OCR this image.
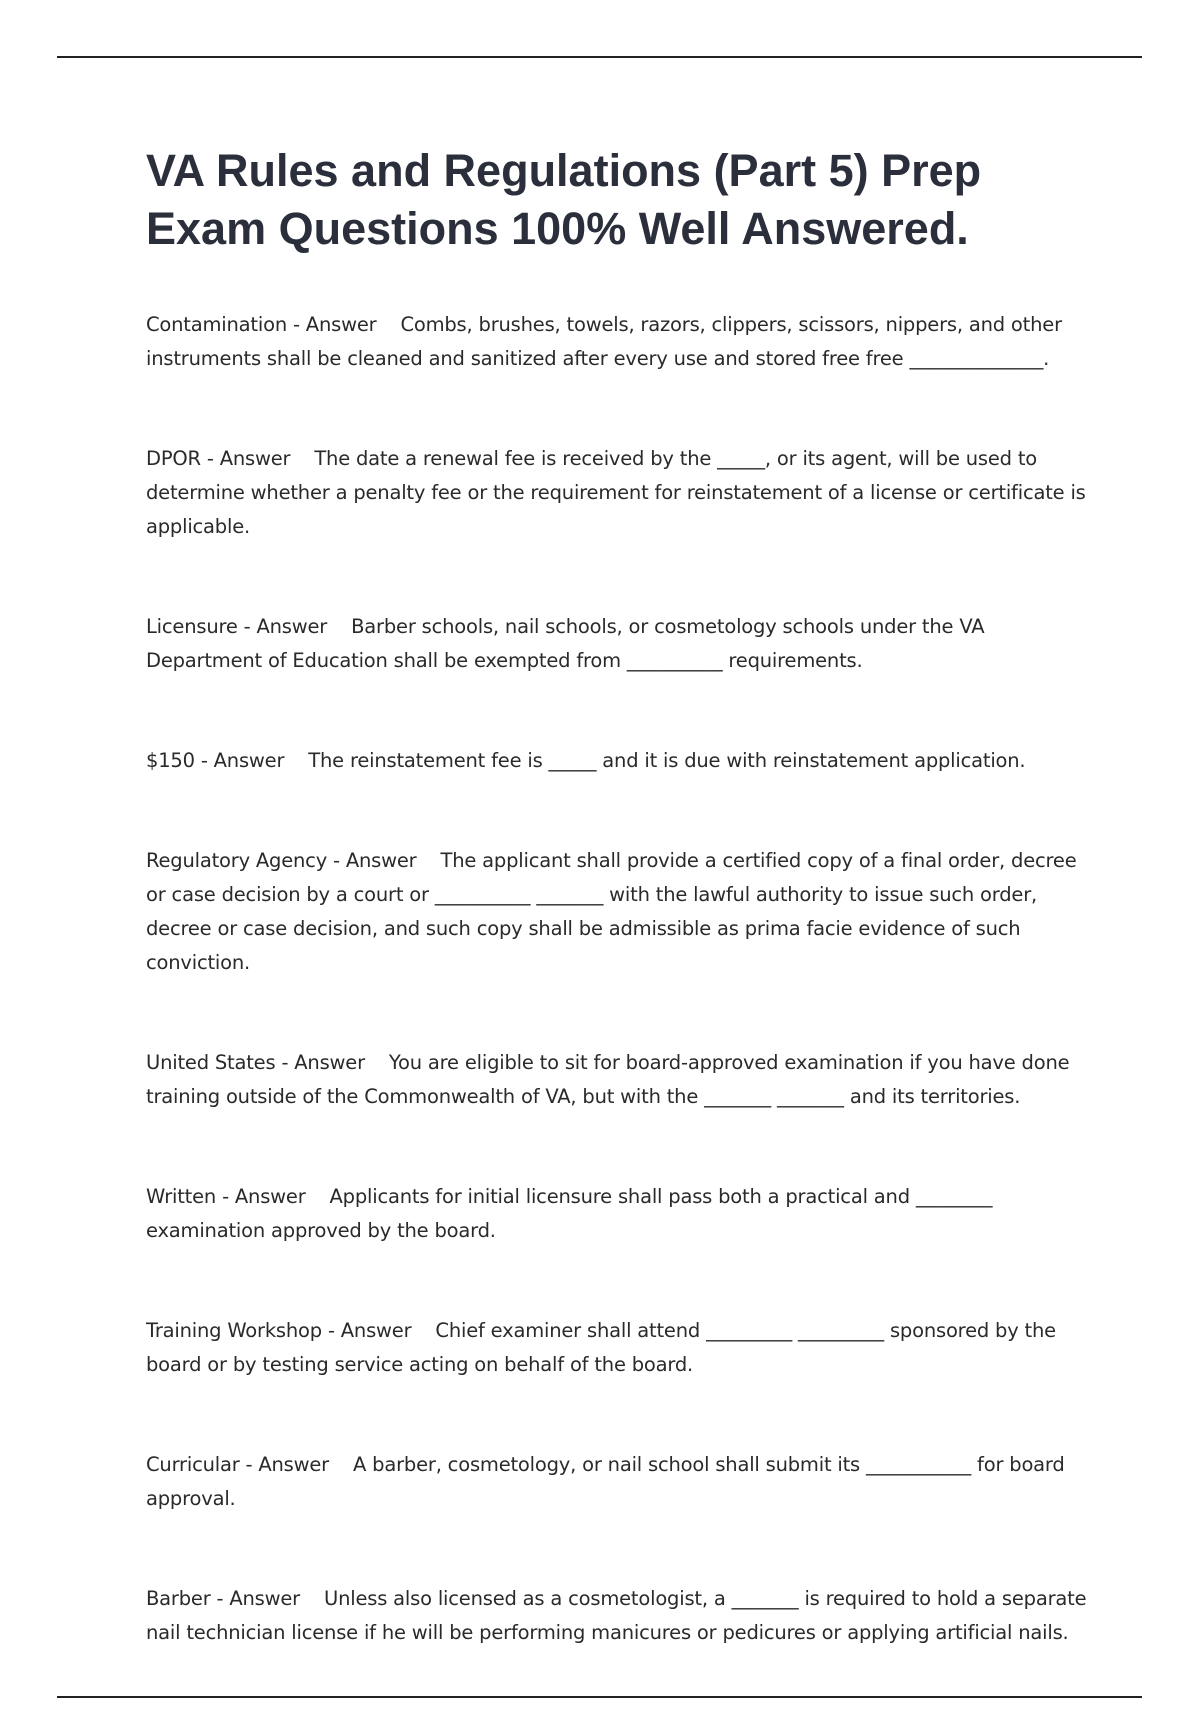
VA Rules and Regulations (Part 5) Prep Exam Questions 100% Well Answered.

Contamination - Answer Combs, brushes, towels, razors, clippers, scissors, nippers, and other instruments shall be cleaned and sanitized after every use and stored free free ______________.

DPOR - Answer The date a renewal fee is received by the _____, or its agent, will be used to determine whether a penalty fee or the requirement for reinstatement of a license or certificate is applicable.

Licensure - Answer Barber schools, nail schools, or cosmetology schools under the VA Department of Education shall be exempted from __________ requirements.

$150 - Answer The reinstatement fee is _____ and it is due with reinstatement application.

Regulatory Agency - Answer The applicant shall provide a certified copy of a final order, decree or case decision by a court or __________ _______ with the lawful authority to issue such order, decree or case decision, and such copy shall be admissible as prima facie evidence of such conviction.

United States - Answer You are eligible to sit for board-approved examination if you have done training outside of the Commonwealth of VA, but with the _______ _______ and its territories.

Written - Answer Applicants for initial licensure shall pass both a practical and ________ examination approved by the board.

Training Workshop - Answer Chief examiner shall attend _________ _________ sponsored by the board or by testing service acting on behalf of the board.

Curricular - Answer A barber, cosmetology, or nail school shall submit its ___________ for board approval.

Barber - Answer Unless also licensed as a cosmetologist, a _______ is required to hold a separate nail technician license if he will be performing manicures or pedicures or applying artificial nails.
